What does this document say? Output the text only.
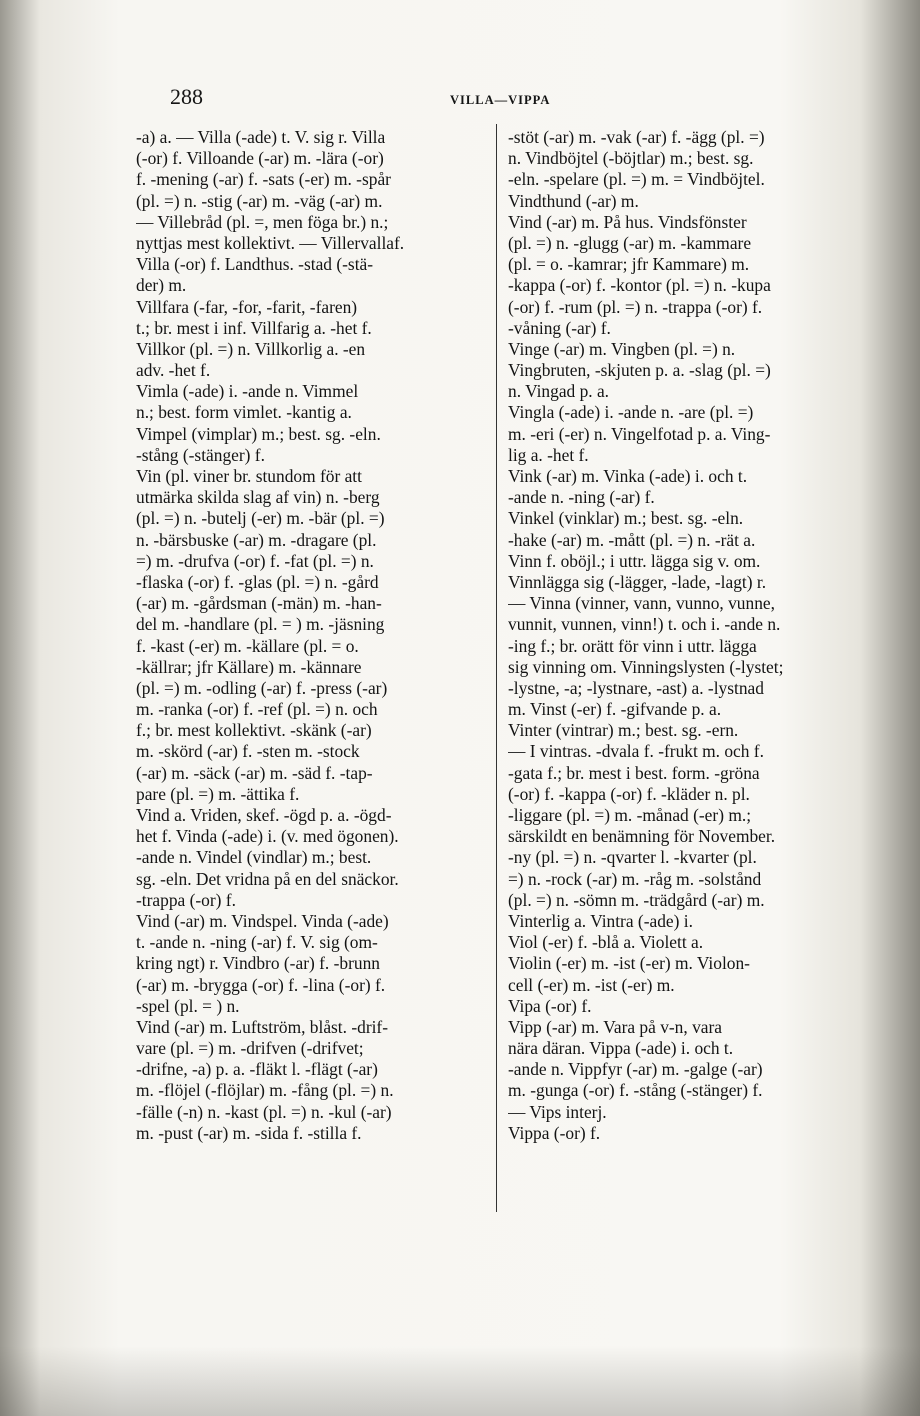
288	VILLA—VIPPA
-a) a. — Villa (-ade) t. V. sig r. Villa
(-or) f. Villoande (-ar) m. -lära (-or)
f. -mening (-ar) f. -sats (-er) m. -spår
(pl. =) n. -stig (-ar) m. -väg (-ar) m.
— Villebråd (pl. =, men föga br.) n.;
nyttjas mest kollektivt. — Villervallaf.
Villa (-or) f. Landthus. -stad (-stä-
der) m.
Villfara (-far, -for, -farit, -faren)
t.; br. mest i inf. Villfarig a. -het f.
Villkor (pl. =) n. Villkorlig a. -en
adv. -het f.
Vimla (-ade) i. -ande n. Vimmel
n.; best. form vimlet. -kantig a.
Vimpel (vimplar) m.; best. sg. -eln.
-stång (-stänger) f.
Vin (pl. viner br. stundom för att
utmärka skilda slag af vin) n. -berg
(pl. =) n. -butelj (-er) m. -bär (pl. =)
n. -bärsbuske (-ar) m. -dragare (pl.
=) m. -drufva (-or) f. -fat (pl. =) n.
-flaska (-or) f. -glas (pl. =) n. -gård
(-ar) m. -gårdsman (-män) m. -han-
del m. -handlare (pl. = ) m. -jäsning
f. -kast (-er) m. -källare (pl. = o.
-källrar; jfr Källare) m. -kännare
(pl. =) m. -odling (-ar) f. -press (-ar)
m. -ranka (-or) f. -ref (pl. =) n. och
f.; br. mest kollektivt. -skänk (-ar)
m. -skörd (-ar) f. -sten m. -stock
(-ar) m. -säck (-ar) m. -säd f. -tap-
pare (pl. =) m. -ättika f.
Vind a. Vriden, skef. -ögd p. a. -ögd-
het f. Vinda (-ade) i. (v. med ögonen).
-ande n. Vindel (vindlar) m.; best.
sg. -eln. Det vridna på en del snäckor.
-trappa (-or) f.
Vind (-ar) m. Vindspel. Vinda (-ade)
t. -ande n. -ning (-ar) f. V. sig (om-
kring ngt) r. Vindbro (-ar) f. -brunn
(-ar) m. -brygga (-or) f. -lina (-or) f.
-spel (pl. = ) n.
Vind (-ar) m. Luftström, blåst. -drif-
vare (pl. =) m. -drifven (-drifvet;
-drifne, -a) p. a. -fläkt l. -flägt (-ar)
m. -flöjel (-flöjlar) m. -fång (pl. =) n.
-fälle (-n) n. -kast (pl. =) n. -kul (-ar)
m. -pust (-ar) m. -sida f. -stilla f.
-stöt (-ar) m. -vak (-ar) f. -ägg (pl. =)
n. Vindböjtel (-böjtlar) m.; best. sg.
-eln. -spelare (pl. =) m. = Vindböjtel.
Vindthund (-ar) m.
Vind (-ar) m. På hus. Vindsfönster
(pl. =) n. -glugg (-ar) m. -kammare
(pl. = o. -kamrar; jfr Kammare) m.
-kappa (-or) f. -kontor (pl. =) n. -kupa
(-or) f. -rum (pl. =) n. -trappa (-or) f.
-våning (-ar) f.
Vinge (-ar) m. Vingben (pl. =) n.
Vingbruten, -skjuten p. a. -slag (pl. =)
n. Vingad p. a.
Vingla (-ade) i. -ande n. -are (pl. =)
m. -eri (-er) n. Vingelfotad p. a. Ving-
lig a. -het f.
Vink (-ar) m. Vinka (-ade) i. och t.
-ande n. -ning (-ar) f.
Vinkel (vinklar) m.; best. sg. -eln.
-hake (-ar) m. -mått (pl. =) n. -rät a.
Vinn f. oböjl.; i uttr. lägga sig v. om.
Vinnlägga sig (-lägger, -lade, -lagt) r.
— Vinna (vinner, vann, vunno, vunne,
vunnit, vunnen, vinn!) t. och i. -ande n.
-ing f.; br. orätt för vinn i uttr. lägga
sig vinning om. Vinningslysten (-lystet;
-lystne, -a; -lystnare, -ast) a. -lystnad
m. Vinst (-er) f. -gifvande p. a.
Vinter (vintrar) m.; best. sg. -ern.
— I vintras. -dvala f. -frukt m. och f.
-gata f.; br. mest i best. form. -gröna
(-or) f. -kappa (-or) f. -kläder n. pl.
-liggare (pl. =) m. -månad (-er) m.;
särskildt en benämning för November.
-ny (pl. =) n. -qvarter l. -kvarter (pl.
=) n. -rock (-ar) m. -råg m. -solstånd
(pl. =) n. -sömn m. -trädgård (-ar) m.
Vinterlig a. Vintra (-ade) i.
Viol (-er) f. -blå a. Violett a.
Violin (-er) m. -ist (-er) m. Violon-
cell (-er) m. -ist (-er) m.
Vipa (-or) f.
Vipp (-ar) m. Vara på v-n, vara
nära däran. Vippa (-ade) i. och t.
-ande n. Vippfyr (-ar) m. -galge (-ar)
m. -gunga (-or) f. -stång (-stänger) f.
— Vips interj.
Vippa (-or) f.
